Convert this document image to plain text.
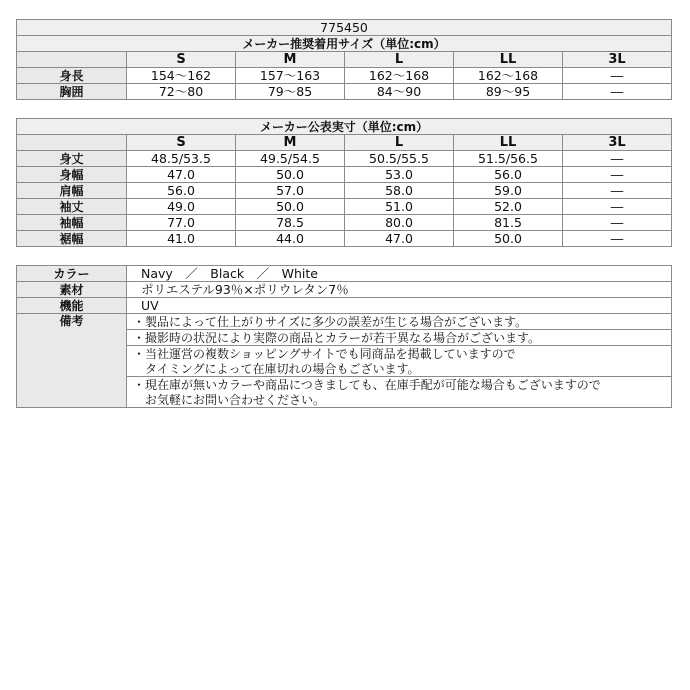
775450					
メーカー推奨着用サイズ（単位:cm）					
	S	M	L	LL	3L
身長	154～162	157～163	162～168	162～168	―
胸囲	72～80	79～85	84～90	89～95	―
メーカー公表実寸（単位:cm）					
	S	M	L	LL	3L
身丈	48.5/53.5	49.5/54.5	50.5/55.5	51.5/56.5	―
身幅	47.0	50.0	53.0	56.0	―
肩幅	56.0	57.0	58.0	59.0	―
袖丈	49.0	50.0	51.0	52.0	―
袖幅	77.0	78.5	80.0	81.5	―
裾幅	41.0	44.0	47.0	50.0	―
カラー	Navy　／　Black　／　White
素材	ポリエステル93％×ポリウレタン7％
機能	UV
備考	・製品によって仕上がりサイズに多少の誤差が生じる場合がございます。
	・撮影時の状況により実際の商品とカラーが若干異なる場合がございます。
	・当社運営の複数ショッピングサイトでも同商品を掲載していますので
	　タイミングによって在庫切れの場合もございます。
	・現在庫が無いカラーや商品につきましても、在庫手配が可能な場合もございますので
	　お気軽にお問い合わせください。
